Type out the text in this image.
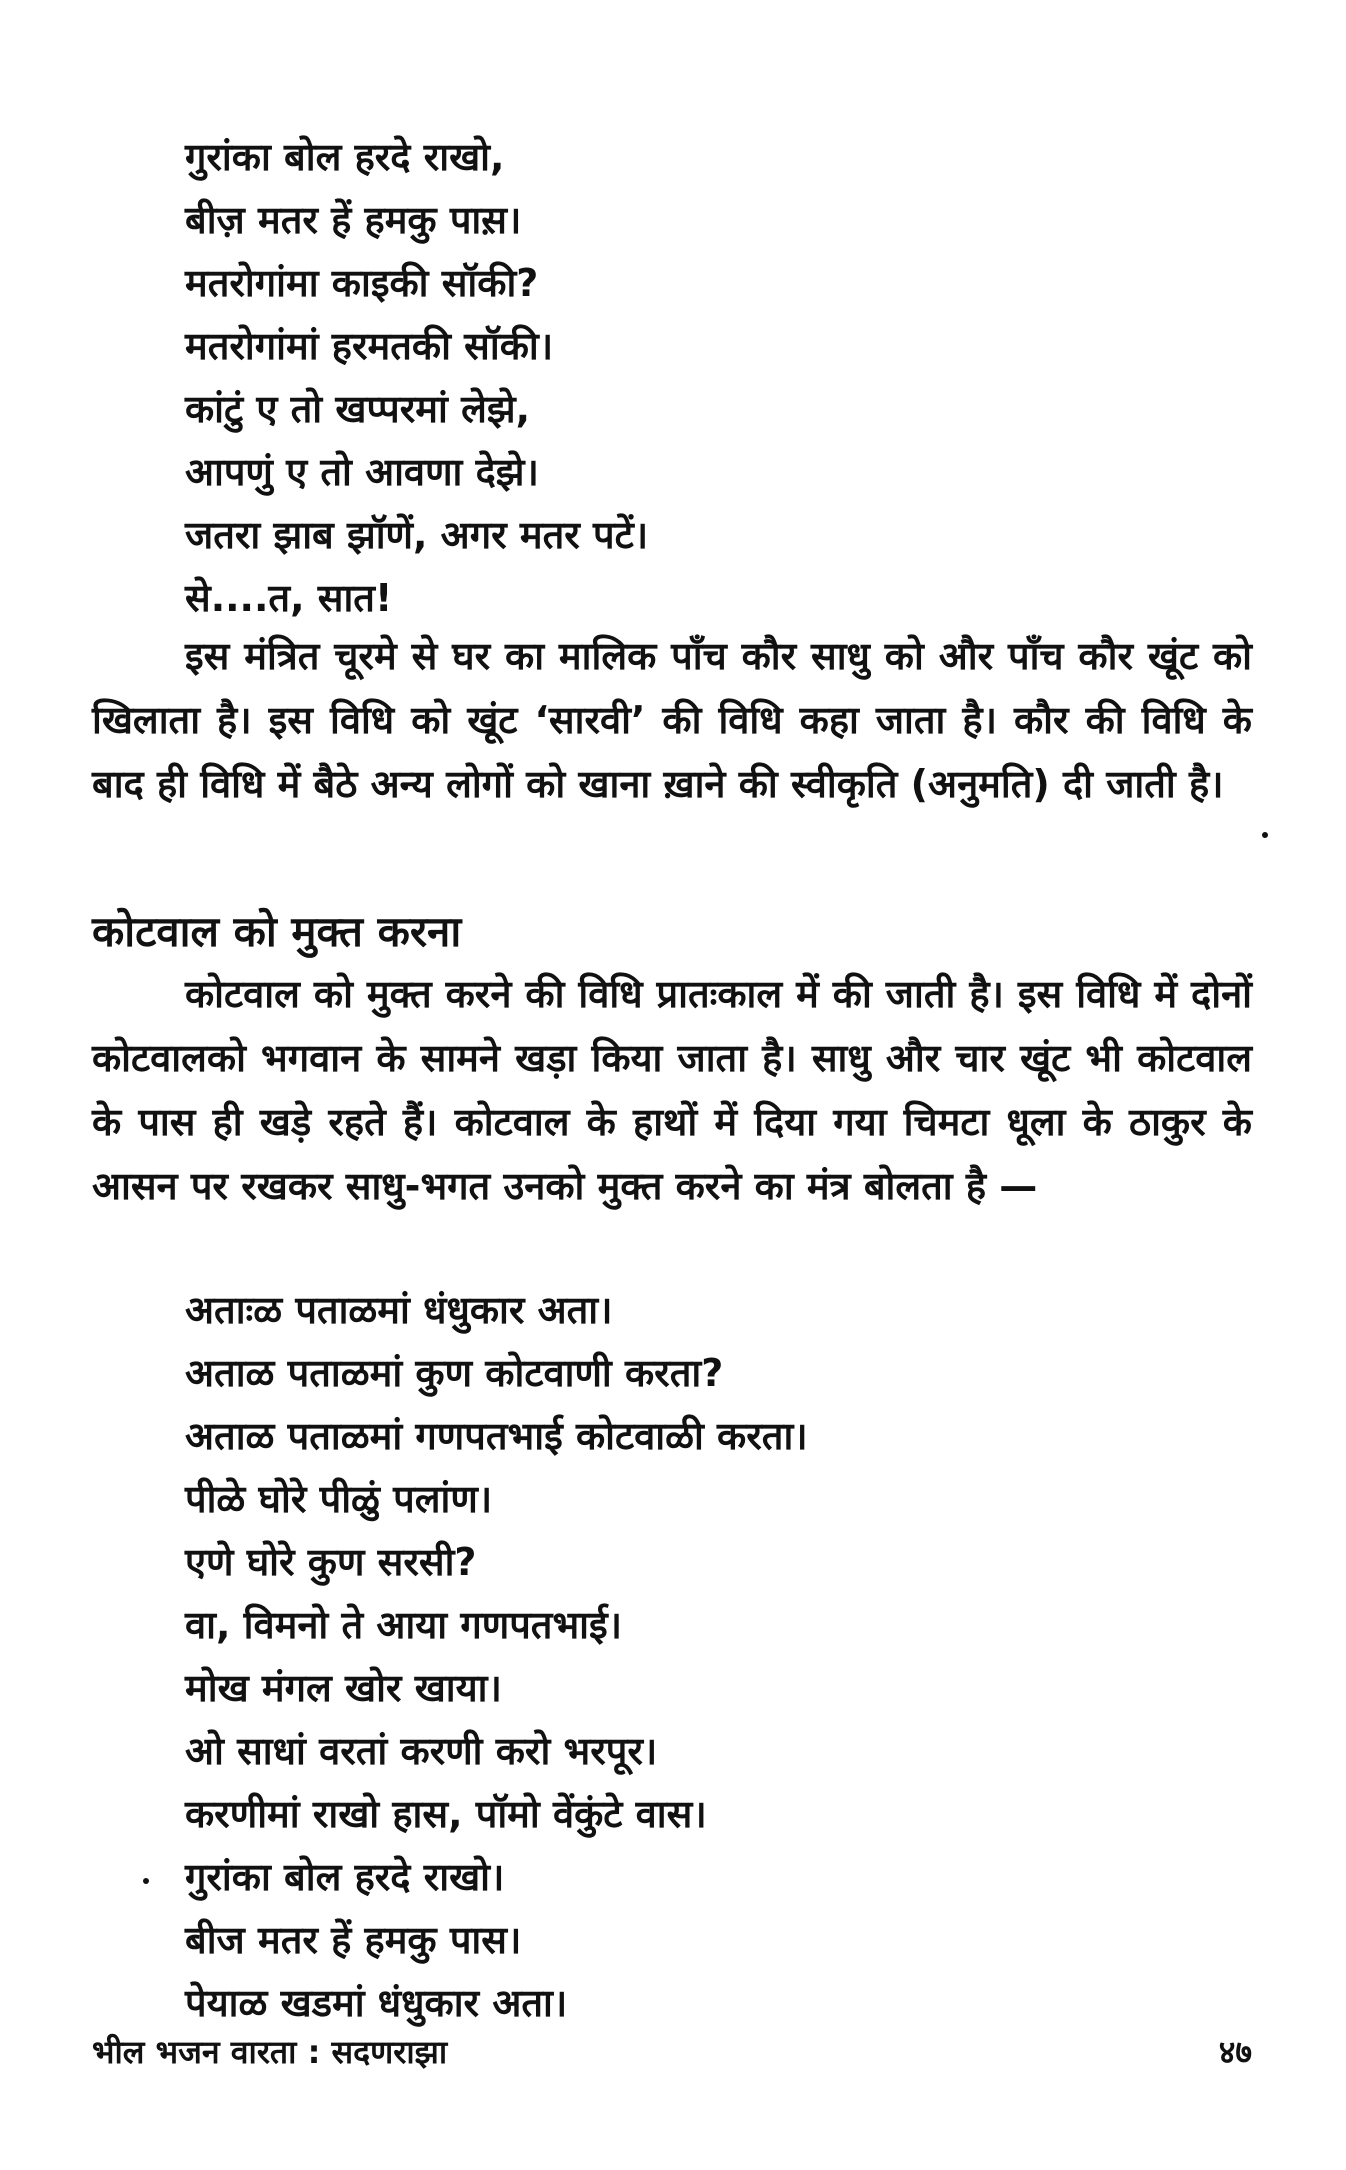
गुरांका बोल हरदे राखो,
बीज़ मतर हें हमकु पास़।
मतरोगांमा काइकी सॉकी?
मतरोगांमां हरमतकी सॉकी।
कांटुं ए तो खप्परमां लेझे,
आपणुं ए तो आवणा देझे।
जतरा झाब झॉणें, अगर मतर पटें।
से....त, सात!

इस मंत्रित चूरमे से घर का मालिक पाँच कौर साधु को और पाँच कौर खूंट को खिलाता है। इस विधि को खूंट ‘सारवी’ की विधि कहा जाता है। कौर की विधि के बाद ही विधि में बैठे अन्य लोगों को खाना ख़ाने की स्वीकृति (अनुमति) दी जाती है।

कोटवाल को मुक्त करना

कोटवाल को मुक्त करने की विधि प्रातःकाल में की जाती है। इस विधि में दोनों कोटवालको भगवान के सामने खड़ा किया जाता है। साधु और चार खूंट भी कोटवाल के पास ही खड़े रहते हैं। कोटवाल के हाथों में दिया गया चिमटा धूला के ठाकुर के आसन पर रखकर साधु-भगत उनको मुक्त करने का मंत्र बोलता है —

अताःळ पताळमां धंधुकार अता।
अताळ पताळमां कुण कोटवाणी करता?
अताळ पताळमां गणपतभाई कोटवाळी करता।
पीळे घोरे पीळुं पलांण।
एणे घोरे कुण सरसी?
वा, विमनो ते आया गणपतभाई।
मोख मंगल खोर खाया।
ओ साधां वरतां करणी करो भरपूर।
करणीमां राखो हास, पॉमो वेंकुंटे वास।
गुरांका बोल हरदे राखो।
बीज मतर हें हमकु पास।
पेयाळ खडमां धंधुकार अता।
भील भजन वारता : सदणराझा	४७
